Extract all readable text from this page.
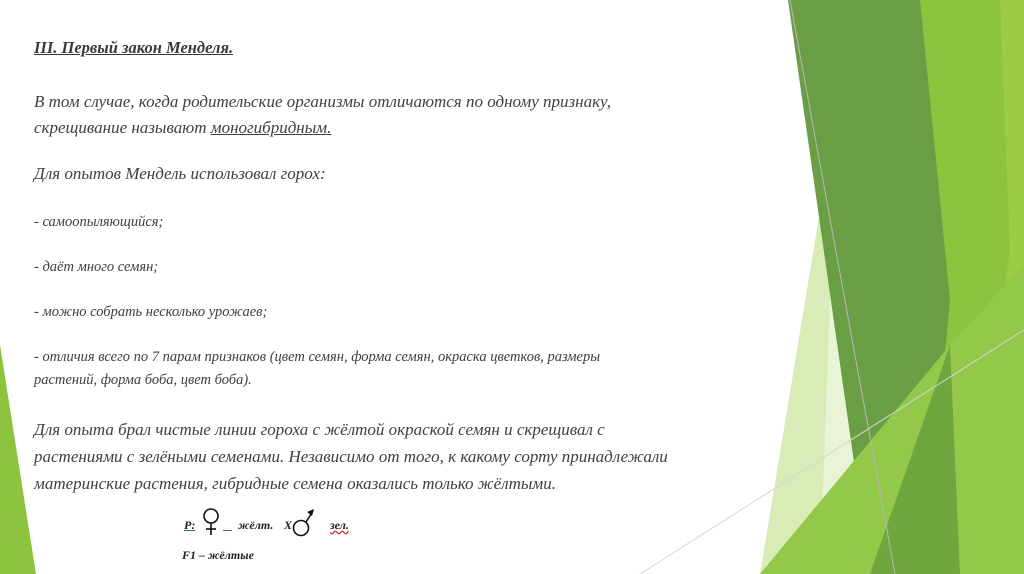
III. Первый закон Менделя.

В том случае, когда родительские организмы отличаются по одному признаку,

скрещивание называют моногибридным.

Для опытов Мендель использовал горох:

- самоопыляющийся;

- даёт много семян;

- можно собрать несколько урожаев;

- отличия всего по 7 парам признаков (цвет семян, форма семян, окраска цветков, размеры

растений, форма боба, цвет боба).

Для опыта брал чистые линии гороха с жёлтой окраской семян и скрещивал с

растениями с зелёными семенами. Независимо от того, к какому сорту принадлежали

материнские растения, гибридные семена оказались только жёлтыми.

P:
	жёлт. X	зел.
F1 – жёлтые
